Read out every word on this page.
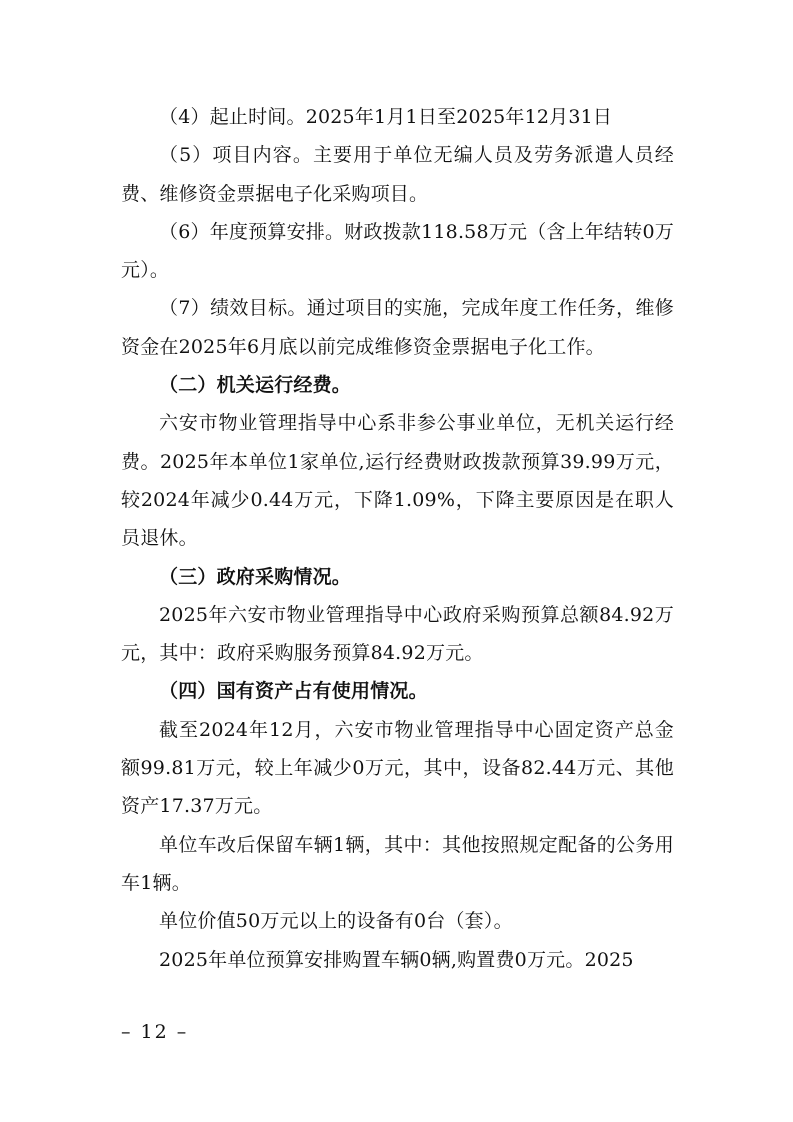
（4）起止时间。2025年1月1日至2025年12月31日

（5）项目内容。主要用于单位无编人员及劳务派遣人员经费、维修资金票据电子化采购项目。

（6）年度预算安排。财政拨款118.58万元（含上年结转0万元）。

（7）绩效目标。通过项目的实施，完成年度工作任务，维修资金在2025年6月底以前完成维修资金票据电子化工作。

（二）机关运行经费。

六安市物业管理指导中心系非参公事业单位，无机关运行经费。2025年本单位1家单位,运行经费财政拨款预算39.99万元，较2024年减少0.44万元，下降1.09%，下降主要原因是在职人员退休。

（三）政府采购情况。

2025年六安市物业管理指导中心政府采购预算总额84.92万元，其中：政府采购服务预算84.92万元。

（四）国有资产占有使用情况。

截至2024年12月，六安市物业管理指导中心固定资产总金额99.81万元，较上年减少0万元，其中，设备82.44万元、其他资产17.37万元。

单位车改后保留车辆1辆，其中：其他按照规定配备的公务用车1辆。

单位价值50万元以上的设备有0台（套）。

2025年单位预算安排购置车辆0辆,购置费0万元。2025

– 12 –
